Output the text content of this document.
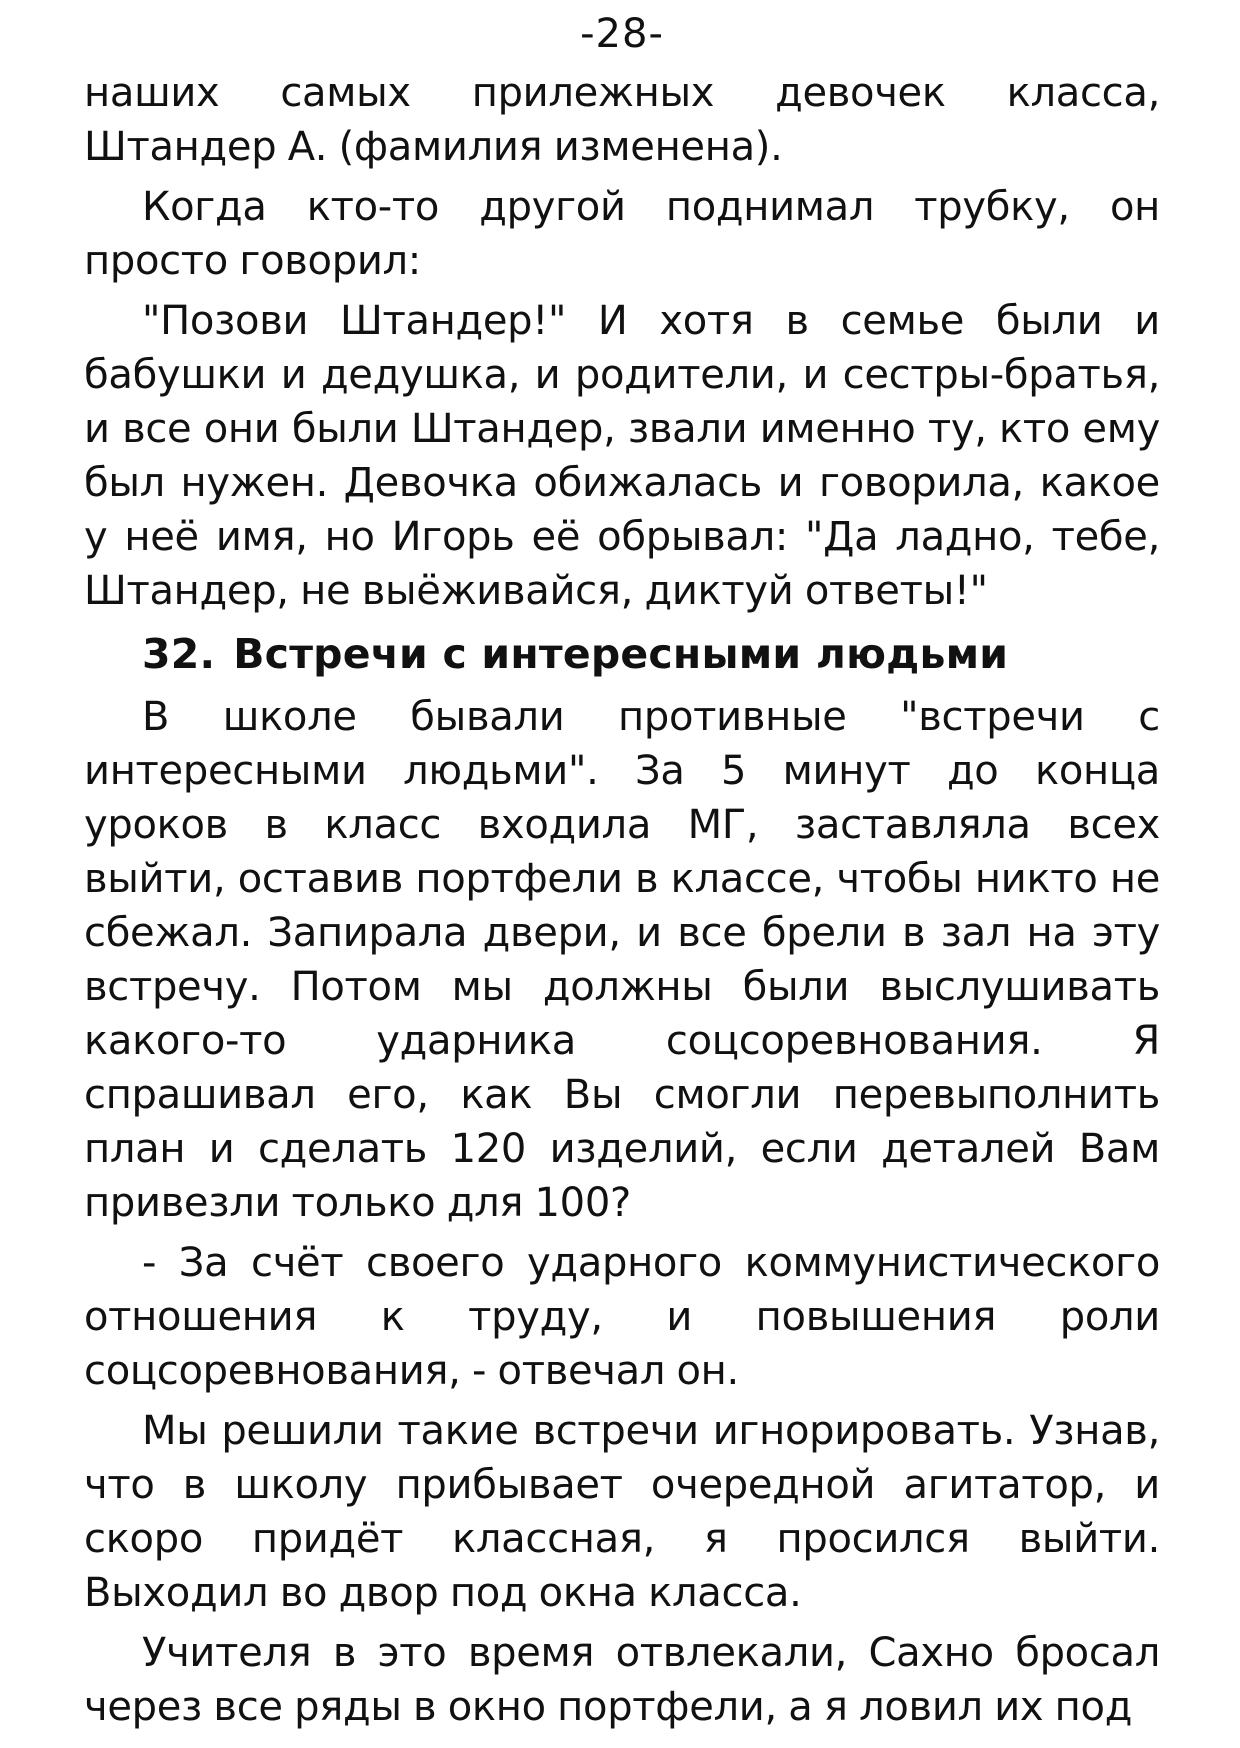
-28-

наших самых прилежных девочек класса, Штандер А. (фамилия изменена).

Когда кто-то другой поднимал трубку, он просто говорил:

"Позови Штандер!" И хотя в семье были и бабушки и дедушка, и родители, и сестры-братья, и все они были Штандер, звали именно ту, кто ему был нужен. Девочка обижалась и говорила, какое у неё имя, но Игорь её обрывал: "Да ладно, тебе, Штандер, не выёживайся, диктуй ответы!"

32. Встречи с интересными людьми

В школе бывали противные "встречи с интересными людьми". За 5 минут до конца уроков в класс входила МГ, заставляла всех выйти, оставив портфели в классе, чтобы никто не сбежал. Запирала двери, и все брели в зал на эту встречу. Потом мы должны были выслушивать какого-то ударника соцсоревнования. Я спрашивал его, как Вы смогли перевыполнить план и сделать 120 изделий, если деталей Вам привезли только для 100?

- За счёт своего ударного коммунистического отношения к труду, и повышения роли соцсоревнования, - отвечал он.

Мы решили такие встречи игнорировать. Узнав, что в школу прибывает очередной агитатор, и скоро придёт классная, я просился выйти. Выходил во двор под окна класса.

Учителя в это время отвлекали, Сахно бросал через все ряды в окно портфели, а я ловил их под
